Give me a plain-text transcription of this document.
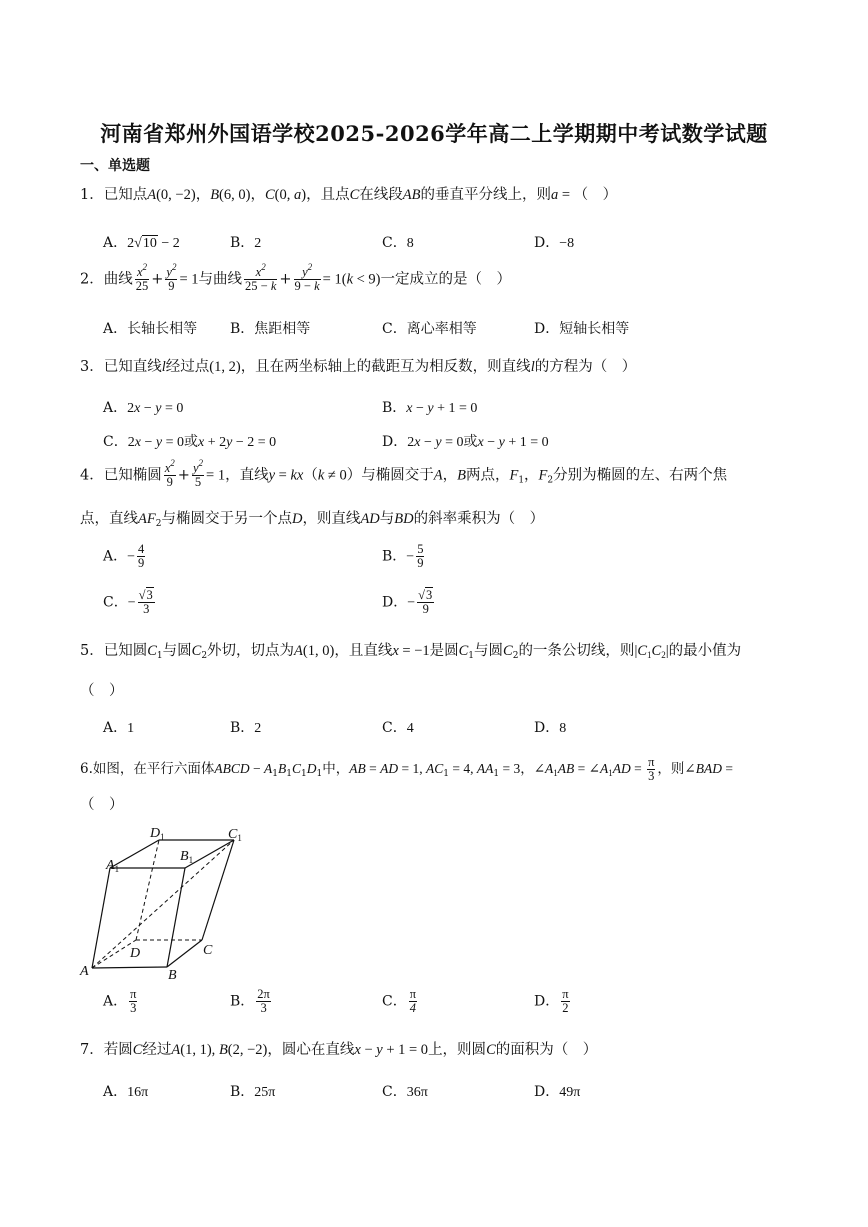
河南省郑州外国语学校2025-2026学年高二上学期期中考试数学试题
一、单选题
1．已知点A(0, −2)，B(6, 0)，C(0, a)，且点C在线段AB的垂直平分线上，则a = （　）
A．2√10 − 2	B．2	C．8	D．−8
2．曲线 $\frac{x^2}{25} + \frac{y^2}{9} = 1$与曲线 $\frac{x^2}{25 - k} + \frac{y^2}{9 - k} = 1(k < 9)$一定成立的是（　）
A．长轴长相等 B．焦距相等	C．离心率相等	D．短轴长相等
3．已知直线l经过点(1, 2)，且在两坐标轴上的截距互为相反数，则直线l的方程为（　）
A．2x − y = 0	B．x − y + 1 = 0
C．2x − y = 0或x + 2y − 2 = 0	D．2x − y = 0或x − y + 1 = 0
4．已知椭圆 $\frac{x^2}{9} + \frac{y^2}{5} = 1$，直线y = kx（k ≠ 0）与椭圆交于A，B两点，$F_1$，$F_2$分别为椭圆的左、右两个焦
点，直线$AF_2$与椭圆交于另一个点D，则直线AD与BD的斜率乘积为（　）
A．− $\frac{4}{9}$	B．− $\frac{5}{9}$
C．− $\frac{√3}{3}$	D．− $\frac{√3}{9}$
5．已知圆$C_1$与圆$C_2$外切，切点为A(1, 0)，且直线x = −1是圆$C_1$与圆$C_2$的一条公切线，则$|C_1C_2|$的最小值为
（　）
A．1	B．2	C．4	D．8
6.如图，在平行六面体ABCD − $A_1B_1C_1D_1$中，AB = AD = 1, $AC_1 = 4$, $AA_1 = 3$，$\angle A_1AB$ = $\angle A_1AD = \frac{\pi}{3}$ ，则∠BAD =
（　）
A	B
C
D
$A_1$
$B_1$
$C_1$
$D_1$
A． $\frac{\pi}{3}$	B． $\frac{2\pi}{3}$	C． $\frac{\pi}{4}$	D． $\frac{\pi}{2}$
7．若圆C经过A(1, 1), B(2, −2)，圆心在直线x − y + 1 = 0上，则圆C的面积为（　）
A．16π	B．25π	C．36π	D．49π
